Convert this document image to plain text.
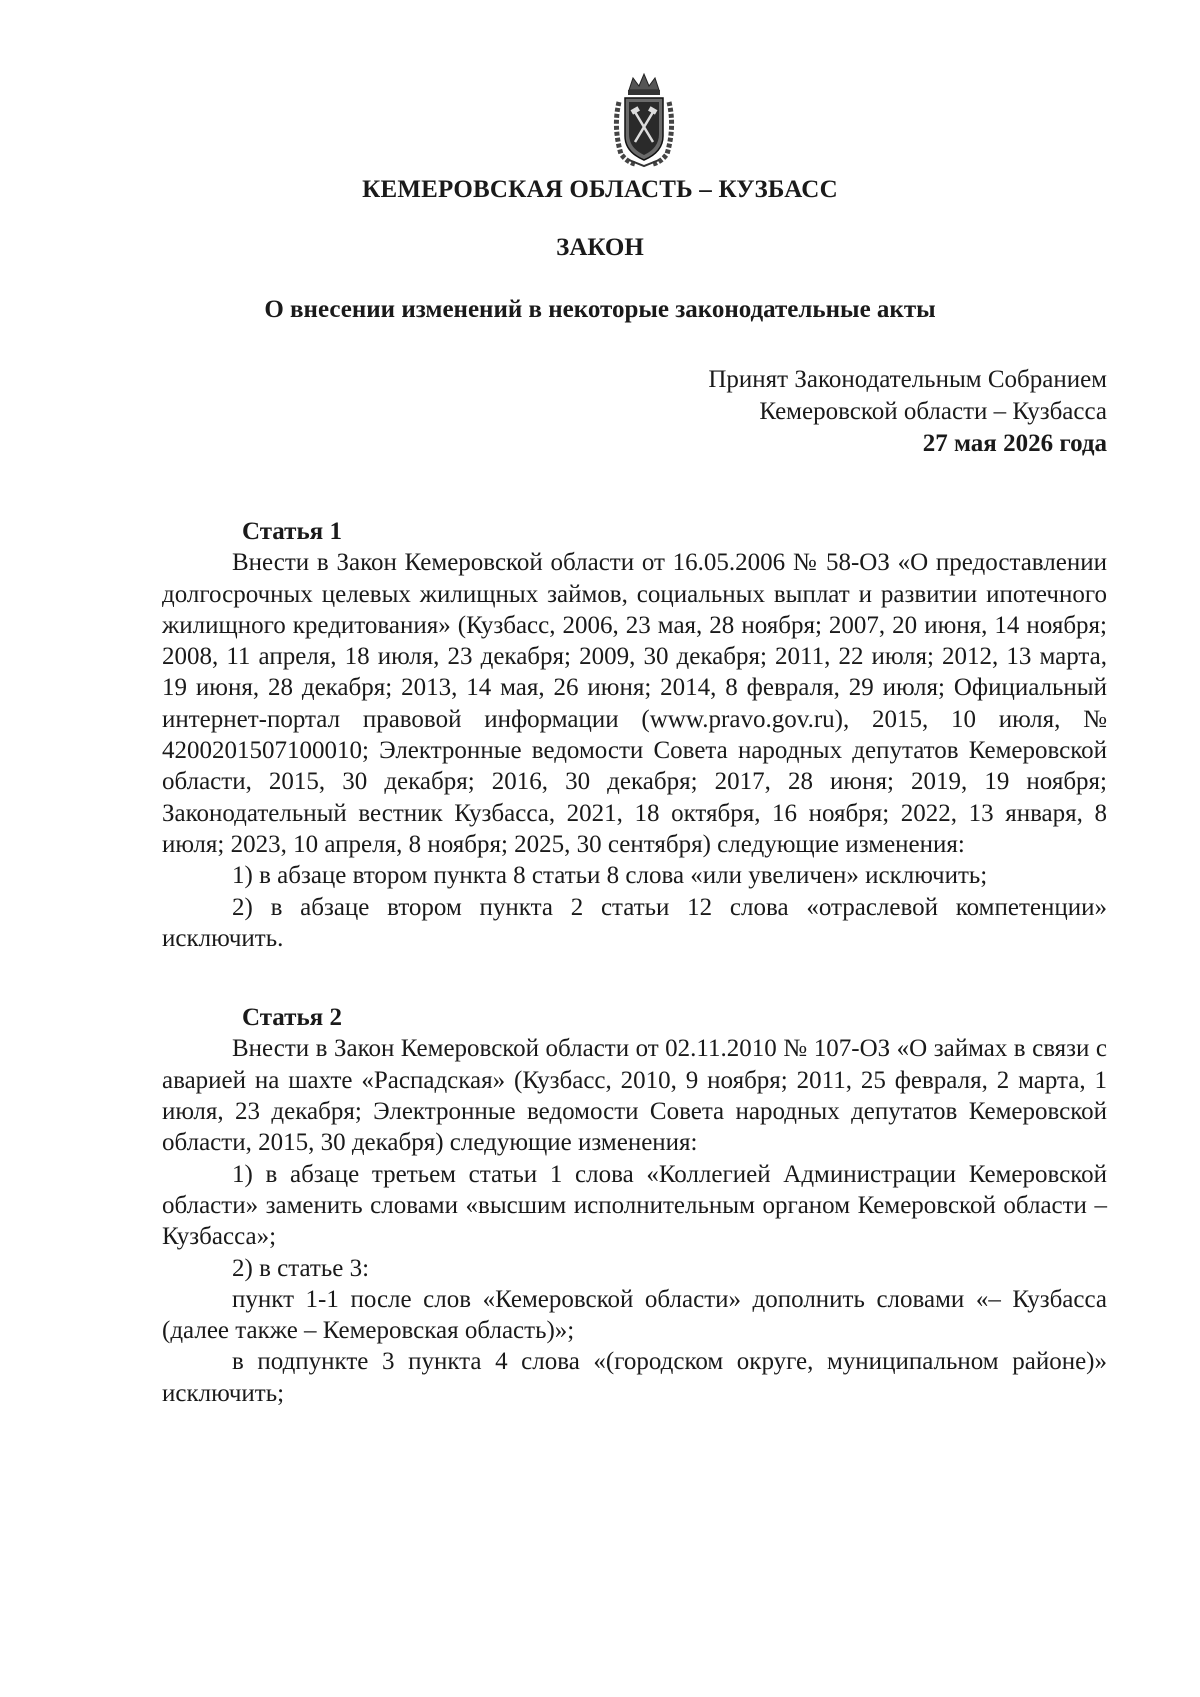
КЕМЕРОВСКАЯ ОБЛАСТЬ – КУЗБАСС
ЗАКОН
О внесении изменений в некоторые законодательные акты
Принят Законодательным Собранием
Кемеровской области – Кузбасса
27 мая 2026 года

Статья 1

Внести в Закон Кемеровской области от 16.05.2006 № 58-ОЗ «О предоставлении долгосрочных целевых жилищных займов, социальных выплат и развитии ипотечного жилищного кредитования» (Кузбасс, 2006, 23 мая, 28 ноября; 2007, 20 июня, 14 ноября; 2008, 11 апреля, 18 июля, 23 декабря; 2009, 30 декабря; 2011, 22 июля; 2012, 13 марта, 19 июня, 28 декабря; 2013, 14 мая, 26 июня; 2014, 8 февраля, 29 июля; Официальный интернет-портал правовой информации (www.pravo.gov.ru), 2015, 10 июля, № 4200201507100010; Электронные ведомости Совета народных депутатов Кемеровской области, 2015, 30 декабря; 2016, 30 декабря; 2017, 28 июня; 2019, 19 ноября; Законодательный вестник Кузбасса, 2021, 18 октября, 16 ноября; 2022, 13 января, 8 июля; 2023, 10 апреля, 8 ноября; 2025, 30 сентября) следующие изменения:

1) в абзаце втором пункта 8 статьи 8 слова «или увеличен» исключить;

2) в абзаце втором пункта 2 статьи 12 слова «отраслевой компетенции» исключить.

Статья 2

Внести в Закон Кемеровской области от 02.11.2010 № 107-ОЗ «О займах в связи с аварией на шахте «Распадская» (Кузбасс, 2010, 9 ноября; 2011, 25 февраля, 2 марта, 1 июля, 23 декабря; Электронные ведомости Совета народных депутатов Кемеровской области, 2015, 30 декабря) следующие изменения:

1) в абзаце третьем статьи 1 слова «Коллегией Администрации Кемеровской области» заменить словами «высшим исполнительным органом Кемеровской области – Кузбасса»;

2) в статье 3:

пункт 1-1 после слов «Кемеровской области» дополнить словами «– Кузбасса (далее также – Кемеровская область)»;

в подпункте 3 пункта 4 слова «(городском округе, муниципальном районе)» исключить;
